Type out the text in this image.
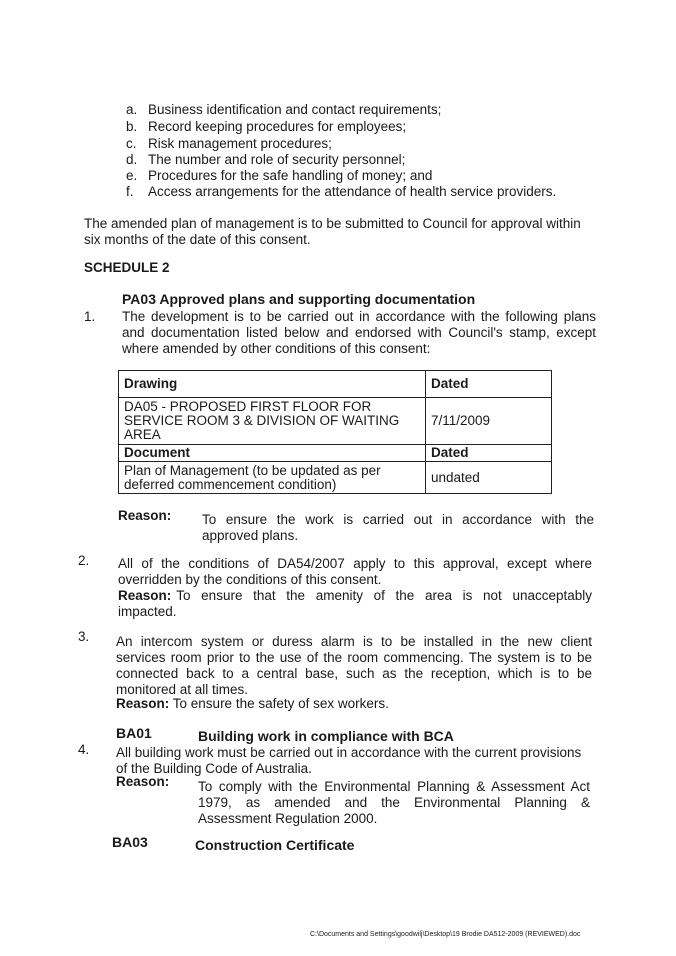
a. Business identification and contact requirements;
b. Record keeping procedures for employees;
c. Risk management procedures;
d. The number and role of security personnel;
e. Procedures for the safe handling of money; and
f. Access arrangements for the attendance of health service providers.
The amended plan of management is to be submitted to Council for approval within
six months of the date of this consent.
SCHEDULE 2
PA03 Approved plans and supporting documentation
1. The development is to be carried out in accordance with the following plans
and documentation listed below and endorsed with Council's stamp, except
where amended by other conditions of this consent:
Drawing	Dated

DA05 - PROPOSED FIRST FLOOR FOR
SERVICE ROOM 3 & DIVISION OF WAITING
AREA	7/11/2009
Document	Dated

Plan of Management (to be updated as per
deferred commencement condition)	undated
Reason: To ensure the work is carried out in accordance with the
approved plans.
2. All of the conditions of DA54/2007 apply to this approval, except where
overridden by the conditions of this consent.
Reason: To ensure that the amenity of the area is not unacceptably
impacted.
3. An intercom system or duress alarm is to be installed in the new client
services room prior to the use of the room commencing. The system is to be
connected back to a central base, such as the reception, which is to be
monitored at all times.
Reason: To ensure the safety of sex workers.
BA01	Building work in compliance with BCA
4. All building work must be carried out in accordance with the current provisions
of the Building Code of Australia.
Reason: To comply with the Environmental Planning & Assessment Act
1979, as amended and the Environmental Planning &
Assessment Regulation 2000.
BA03	Construction Certificate
C:\Documents and Settings\goodwilj\Desktop\19 Brodie DA512-2009 (REVIEWED).doc
